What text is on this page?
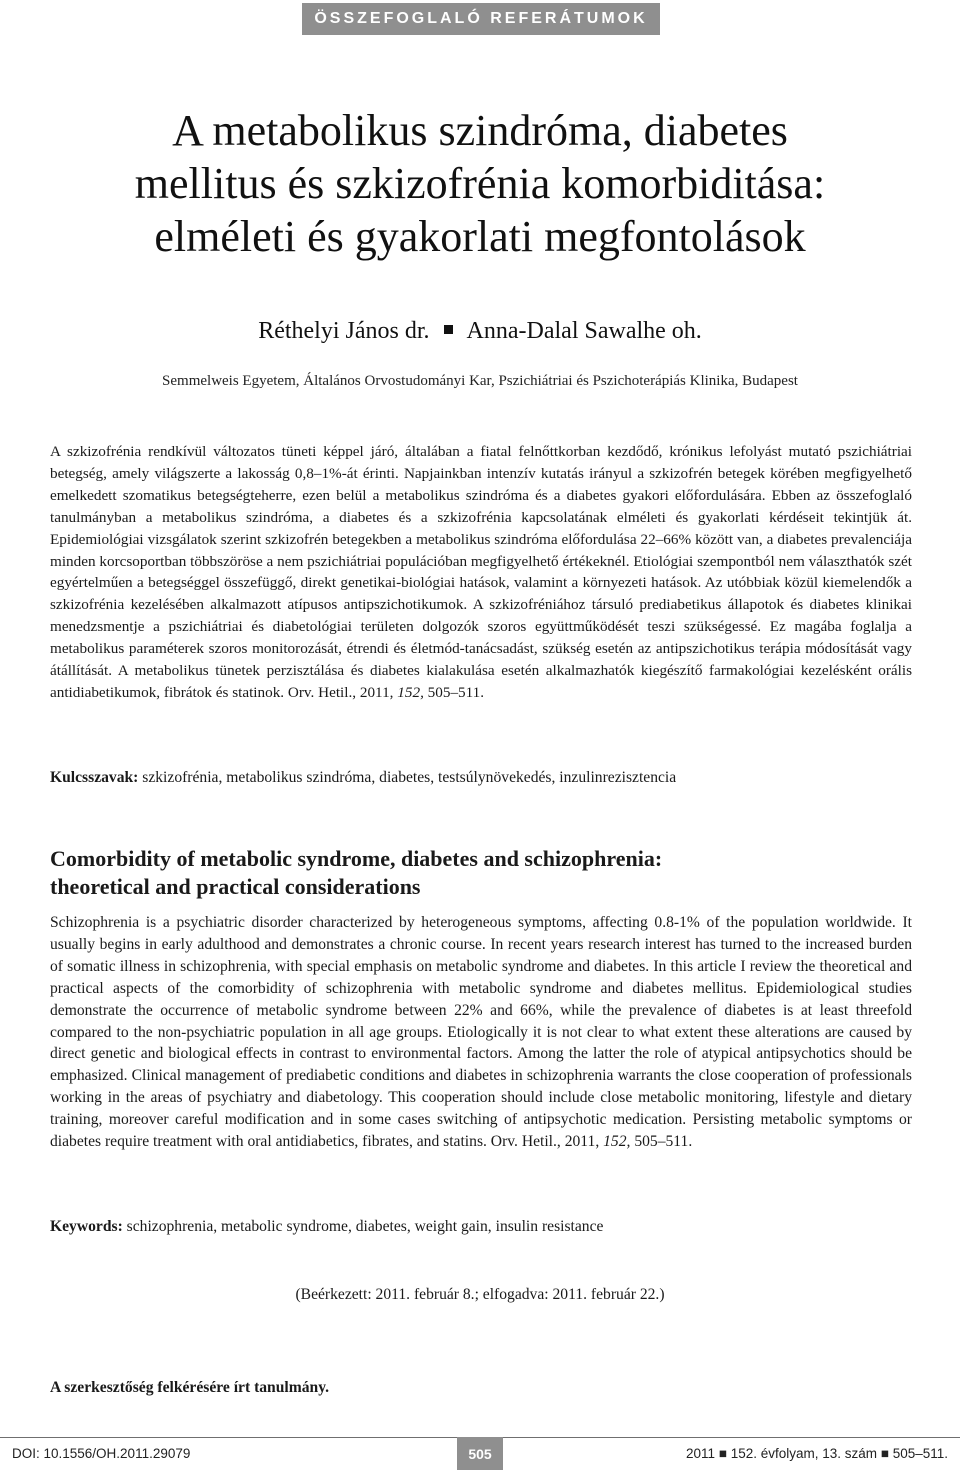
ÖSSZEFOGLALÓ REFERÁTUMOK
A metabolikus szindróma, diabetes
mellitus és szkizofrénia komorbiditása:
elméleti és gyakorlati megfontolások
Réthelyi János dr. Anna-Dalal Sawalhe oh.
Semmelweis Egyetem, Általános Orvostudományi Kar, Pszichiátriai és Pszichoterápiás Klinika, Budapest

A szkizofrénia rendkívül változatos tüneti képpel járó, általában a fiatal felnőttkorban kezdődő, krónikus lefolyást mutató pszichiátriai betegség, amely világszerte a lakosság 0,8–1%-át érinti. Napjainkban intenzív kutatás irányul a szkizofrén betegek körében megfigyelhető emelkedett szomatikus betegségteherre, ezen belül a metabolikus szindróma és a diabetes gyakori előfordulására. Ebben az összefoglaló tanulmányban a metabolikus szindróma, a diabetes és a szkizofrénia kapcsolatának elméleti és gyakorlati kérdéseit tekintjük át. Epidemiológiai vizsgálatok szerint szkizofrén betegekben a metabolikus szindróma előfordulása 22–66% között van, a diabetes prevalenciája minden korcsoportban többszöröse a nem pszichiátriai populációban megfigyelhető értékeknél. Etiológiai szempontból nem választhatók szét egyértelműen a betegséggel összefüggő, direkt genetikai-biológiai hatások, valamint a környezeti hatások. Az utóbbiak közül kiemelendők a szkizofrénia kezelésében alkalmazott atípusos antipszichotikumok. A szkizofréniához társuló prediabetikus állapotok és diabetes klinikai menedzsmentje a pszichiátriai és diabetológiai területen dolgozók szoros együttműködését teszi szükségessé. Ez magába foglalja a metabolikus paraméterek szoros monitorozását, étrendi és életmód-tanácsadást, szükség esetén az antipszichotikus terápia módosítását vagy átállítását. A metabolikus tünetek perzisztálása és diabetes kialakulása esetén alkalmazhatók kiegészítő farmakológiai kezelésként orális antidiabetikumok, fibrátok és statinok. Orv. Hetil., 2011, 152, 505–511.

Kulcsszavak: szkizofrénia, metabolikus szindróma, diabetes, testsúlynövekedés, inzulinrezisztencia

Comorbidity of metabolic syndrome, diabetes and schizophrenia:
theoretical and practical considerations

Schizophrenia is a psychiatric disorder characterized by heterogeneous symptoms, affecting 0.8-1% of the population worldwide. It usually begins in early adulthood and demonstrates a chronic course. In recent years research interest has turned to the increased burden of somatic illness in schizophrenia, with special emphasis on metabolic syndrome and diabetes. In this article I review the theoretical and practical aspects of the comorbidity of schizophrenia with metabolic syndrome and diabetes mellitus. Epidemiological studies demonstrate the occurrence of metabolic syndrome between 22% and 66%, while the prevalence of diabetes is at least threefold compared to the non-psychiatric population in all age groups. Etiologically it is not clear to what extent these alterations are caused by direct genetic and biological effects in contrast to environmental factors. Among the latter the role of atypical antipsychotics should be emphasized. Clinical management of prediabetic conditions and diabetes in schizophrenia warrants the close cooperation of professionals working in the areas of psychiatry and diabetology. This cooperation should include close metabolic monitoring, lifestyle and dietary training, moreover careful modification and in some cases switching of antipsychotic medication. Persisting metabolic symptoms or diabetes require treatment with oral antidiabetics, fibrates, and statins. Orv. Hetil., 2011, 152, 505–511.

Keywords: schizophrenia, metabolic syndrome, diabetes, weight gain, insulin resistance

(Beérkezett: 2011. február 8.; elfogadva: 2011. február 22.)

A szerkesztőség felkérésére írt tanulmány.

DOI: 10.1556/OH.2011.29079	505	2011 ■ 152. évfolyam, 13. szám ■ 505–511.
